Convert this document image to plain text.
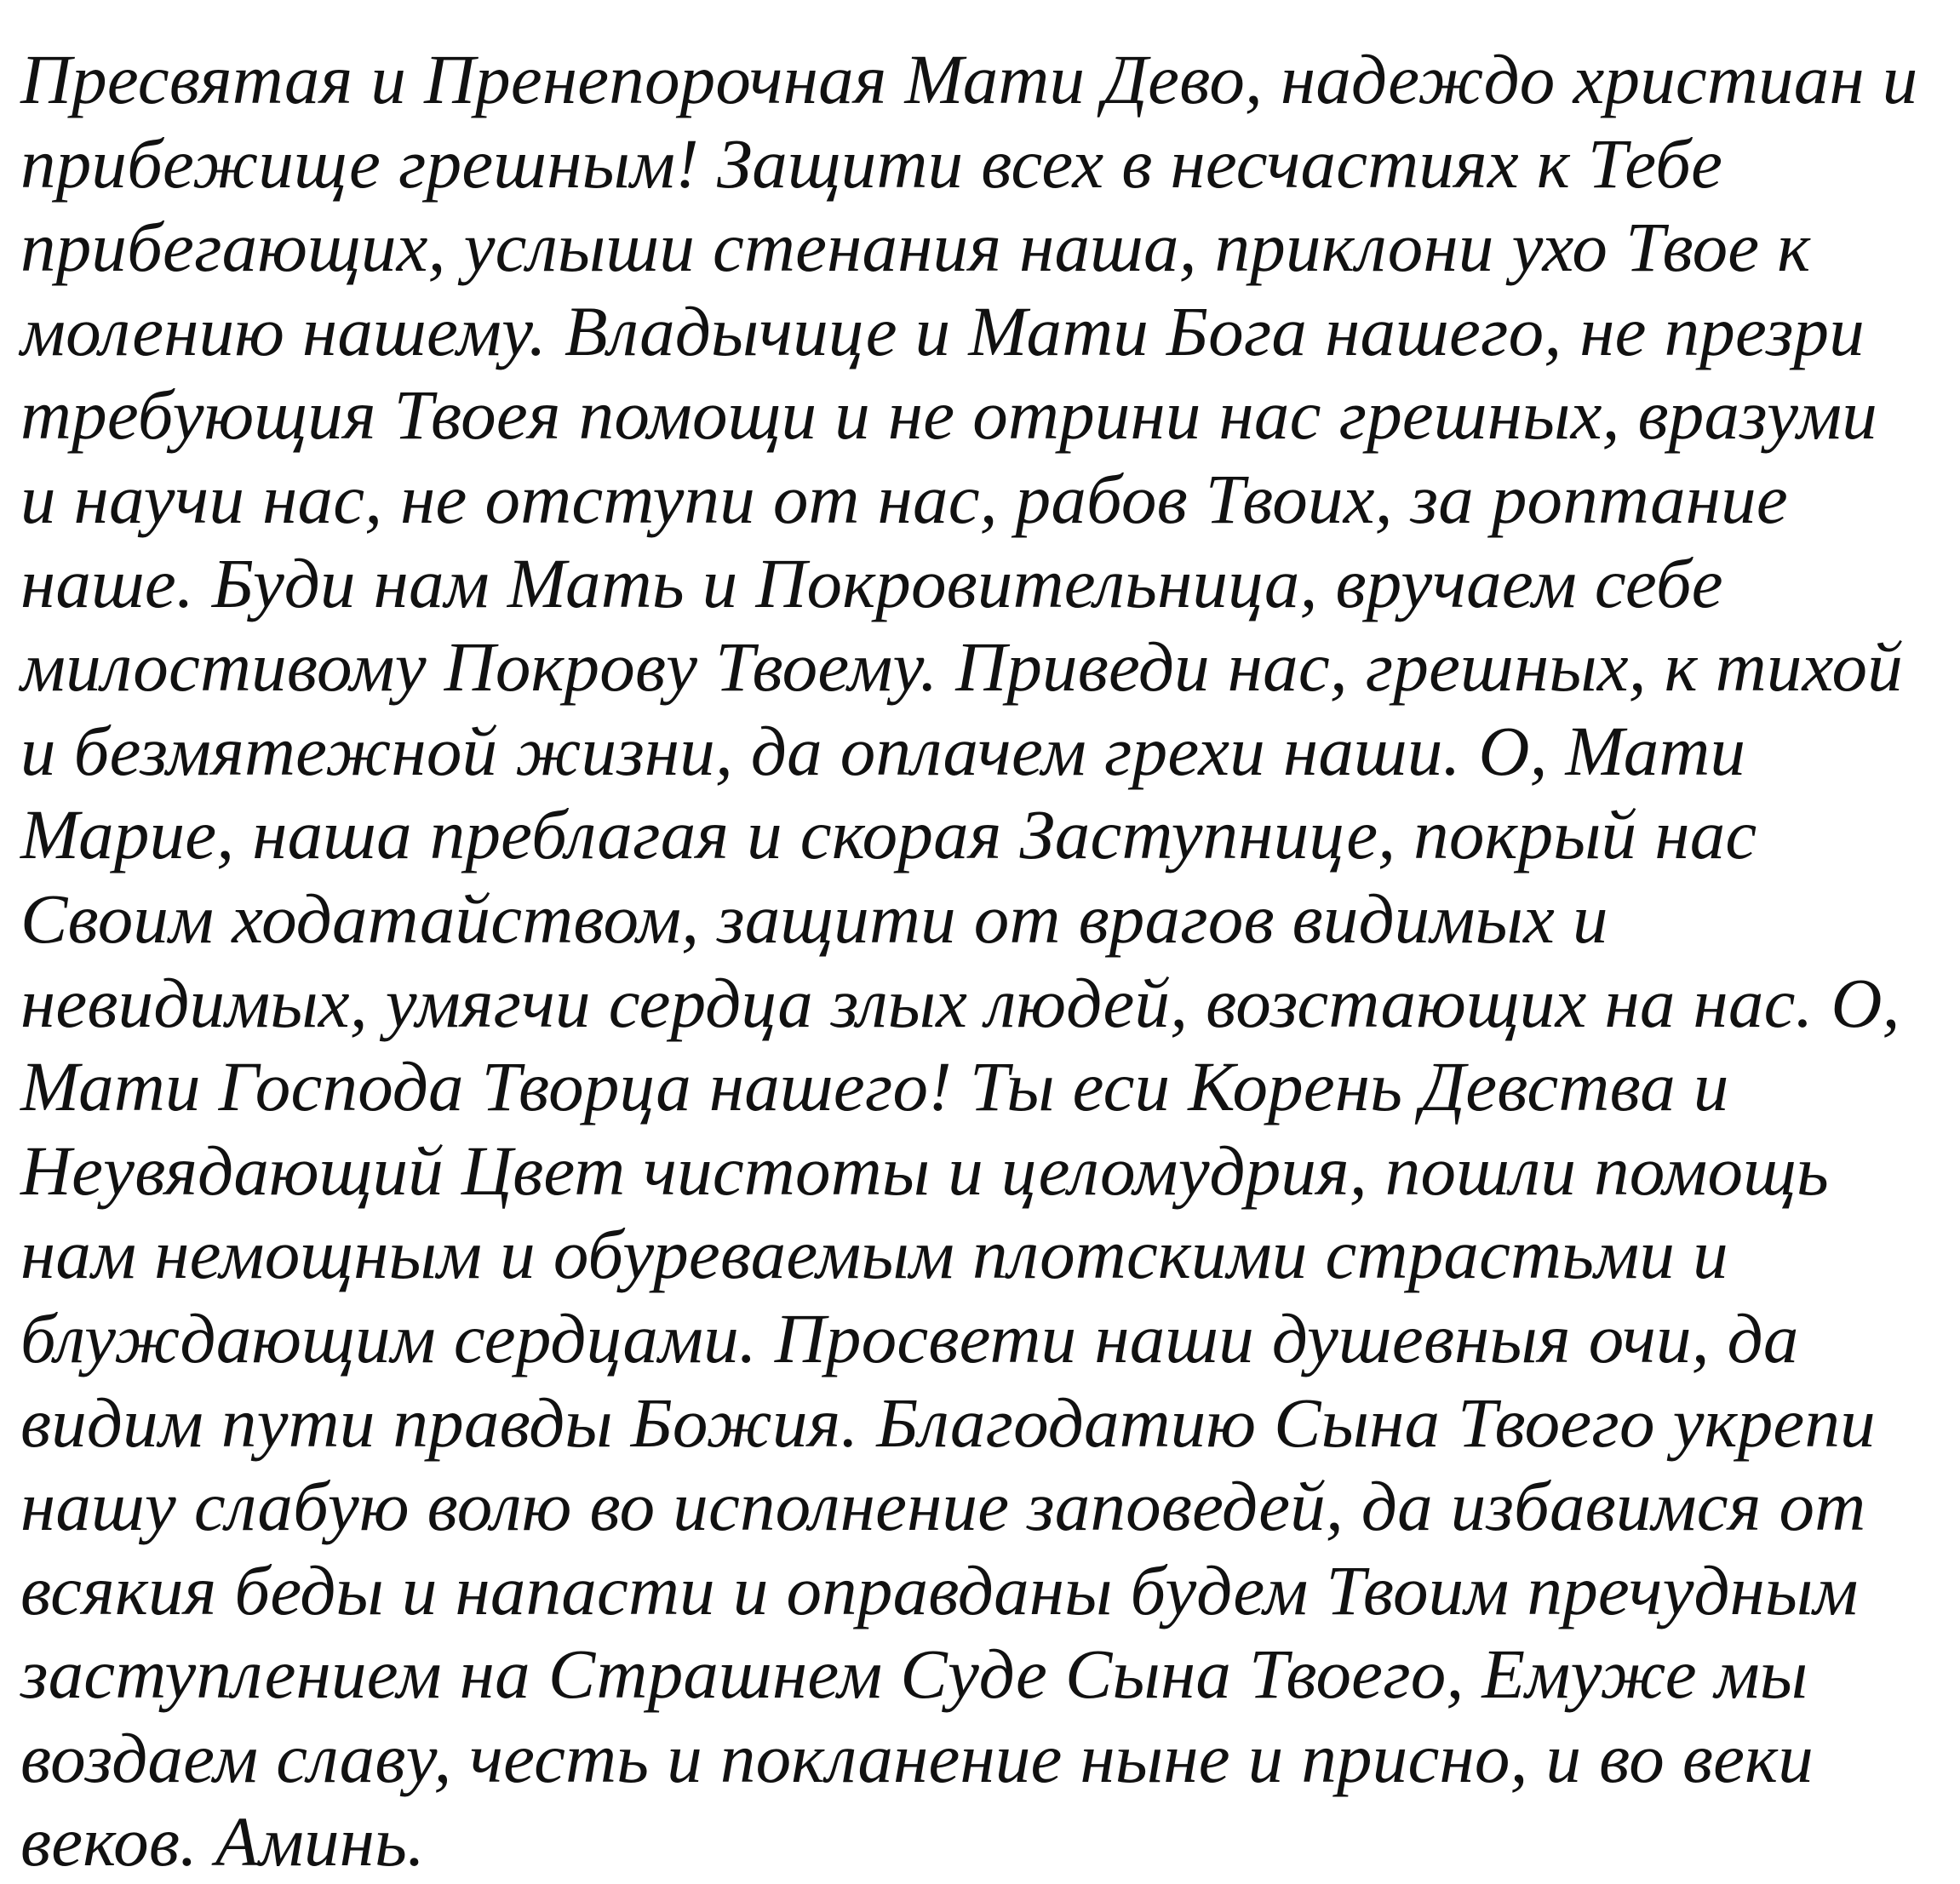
Пресвятая и Пренепорочная Мати Дево, надеждо христиан и
прибежище грешным! Защити всех в несчастиях к Тебе
прибегающих, услыши стенания наша, приклони ухо Твое к
молению нашему. Владычице и Мати Бога нашего, не презри
требующия Твоея помощи и не отрини нас грешных, вразуми
и научи нас, не отступи от нас, рабов Твоих, за роптание
наше. Буди нам Мать и Покровительница, вручаем себе
милостивому Покрову Твоему. Приведи нас, грешных, к тихой
и безмятежной жизни, да оплачем грехи наши. О, Мати
Марие, наша преблагая и скорая Заступнице, покрый нас
Своим ходатайством, защити от врагов видимых и
невидимых, умягчи сердца злых людей, возстающих на нас. О,
Мати Господа Творца нашего! Ты еси Корень Девства и
Неувядающий Цвет чистоты и целомудрия, пошли помощь
нам немощным и обуреваемым плотскими страстьми и
блуждающим сердцами. Просвети наши душевныя очи, да
видим пути правды Божия. Благодатию Сына Твоего укрепи
нашу слабую волю во исполнение заповедей, да избавимся от
всякия беды и напасти и оправданы будем Твоим пречудным
заступлением на Страшнем Суде Сына Твоего, Емуже мы
воздаем славу, честь и покланение ныне и присно, и во веки
веков. Аминь.
